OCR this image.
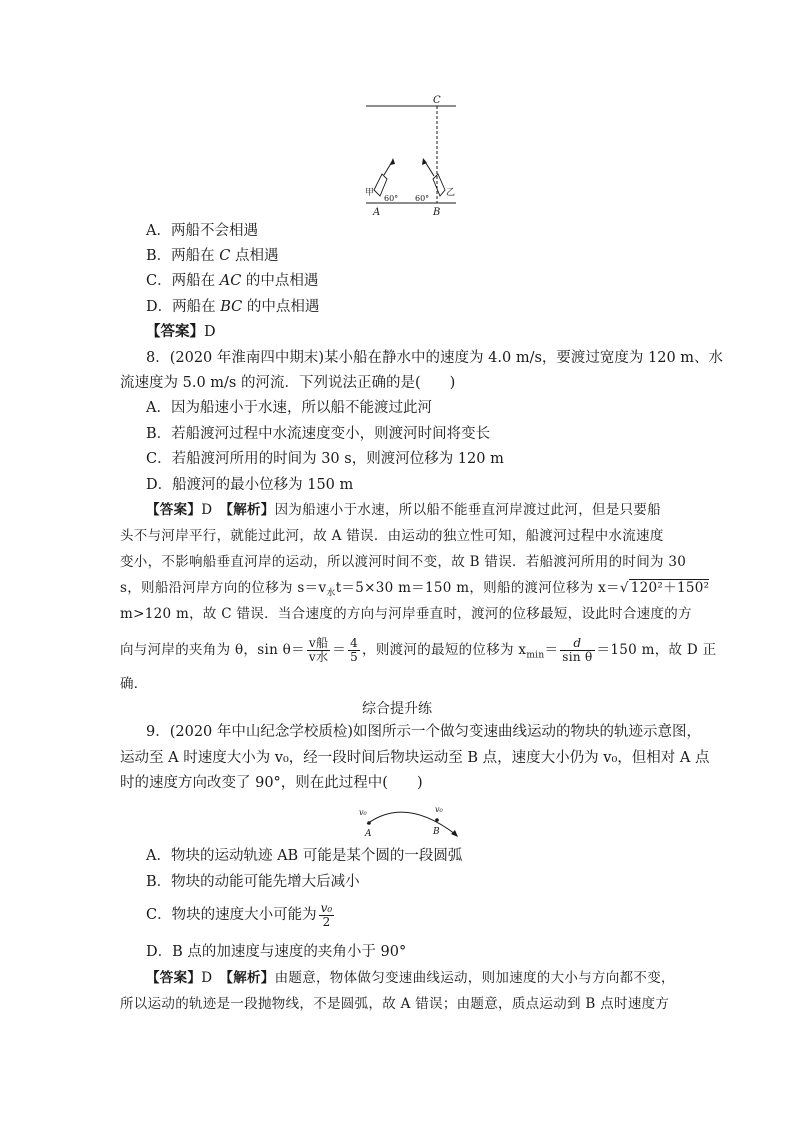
C
甲
60°
A
乙
60°
B
A．两船不会相遇
B．两船在 C 点相遇
C．两船在 AC 的中点相遇
D．两船在 BC 的中点相遇
【答案】D
8．(2020 年淮南四中期末)某小船在静水中的速度为 4.0 m/s，要渡过宽度为 120 m、水
流速度为 5.0 m/s 的河流．下列说法正确的是(　　)
A．因为船速小于水速，所以船不能渡过此河
B．若船渡河过程中水流速度变小，则渡河时间将变长
C．若船渡河所用的时间为 30 s，则渡河位移为 120 m
D．船渡河的最小位移为 150 m
【答案】D　【解析】因为船速小于水速，所以船不能垂直河岸渡过此河，但是只要船
头不与河岸平行，就能过此河，故 A 错误．由运动的独立性可知，船渡河过程中水流速度
变小，不影响船垂直河岸的运动，所以渡河时间不变，故 B 错误．若船渡河所用的时间为 30
s，则船沿河岸方向的位移为 $s=v_水t=5\times 30$ m＝150 m，则船的渡河位移为 x＝√ 120²＋150²
m>120 m，故 C 错误．当合速度的方向与河岸垂直时，渡河的位移最短，设此时合速度的方
向与河岸的夹角为 θ，$\sin \theta= \frac{\text{v船}}{\text{v水}} = \frac{4}{5}$ ，则渡河的最短的位移为 $x_{min}= \frac{d}{\text{sin θ}} =150$ m，故 D 正
确．
综合提升练
9．(2020 年中山纪念学校质检)如图所示一个做匀变速曲线运动的物块的轨迹示意图，
运动至 A 时速度大小为 v₀，经一段时间后物块运动至 B 点，速度大小仍为 v₀，但相对 A 点
时的速度方向改变了 90°，则在此过程中(　　)
v₀	v₀
A	B
A．物块的运动轨迹 AB 可能是某个圆的一段圆弧
B．物块的动能可能先增大后减小
C．物块的速度大小可能为 $\frac{\text{v₀}}{2}$
D．B 点的加速度与速度的夹角小于 90°
【答案】D　【解析】由题意，物体做匀变速曲线运动，则加速度的大小与方向都不变，
所以运动的轨迹是一段抛物线，不是圆弧，故 A 错误；由题意，质点运动到 B 点时速度方
